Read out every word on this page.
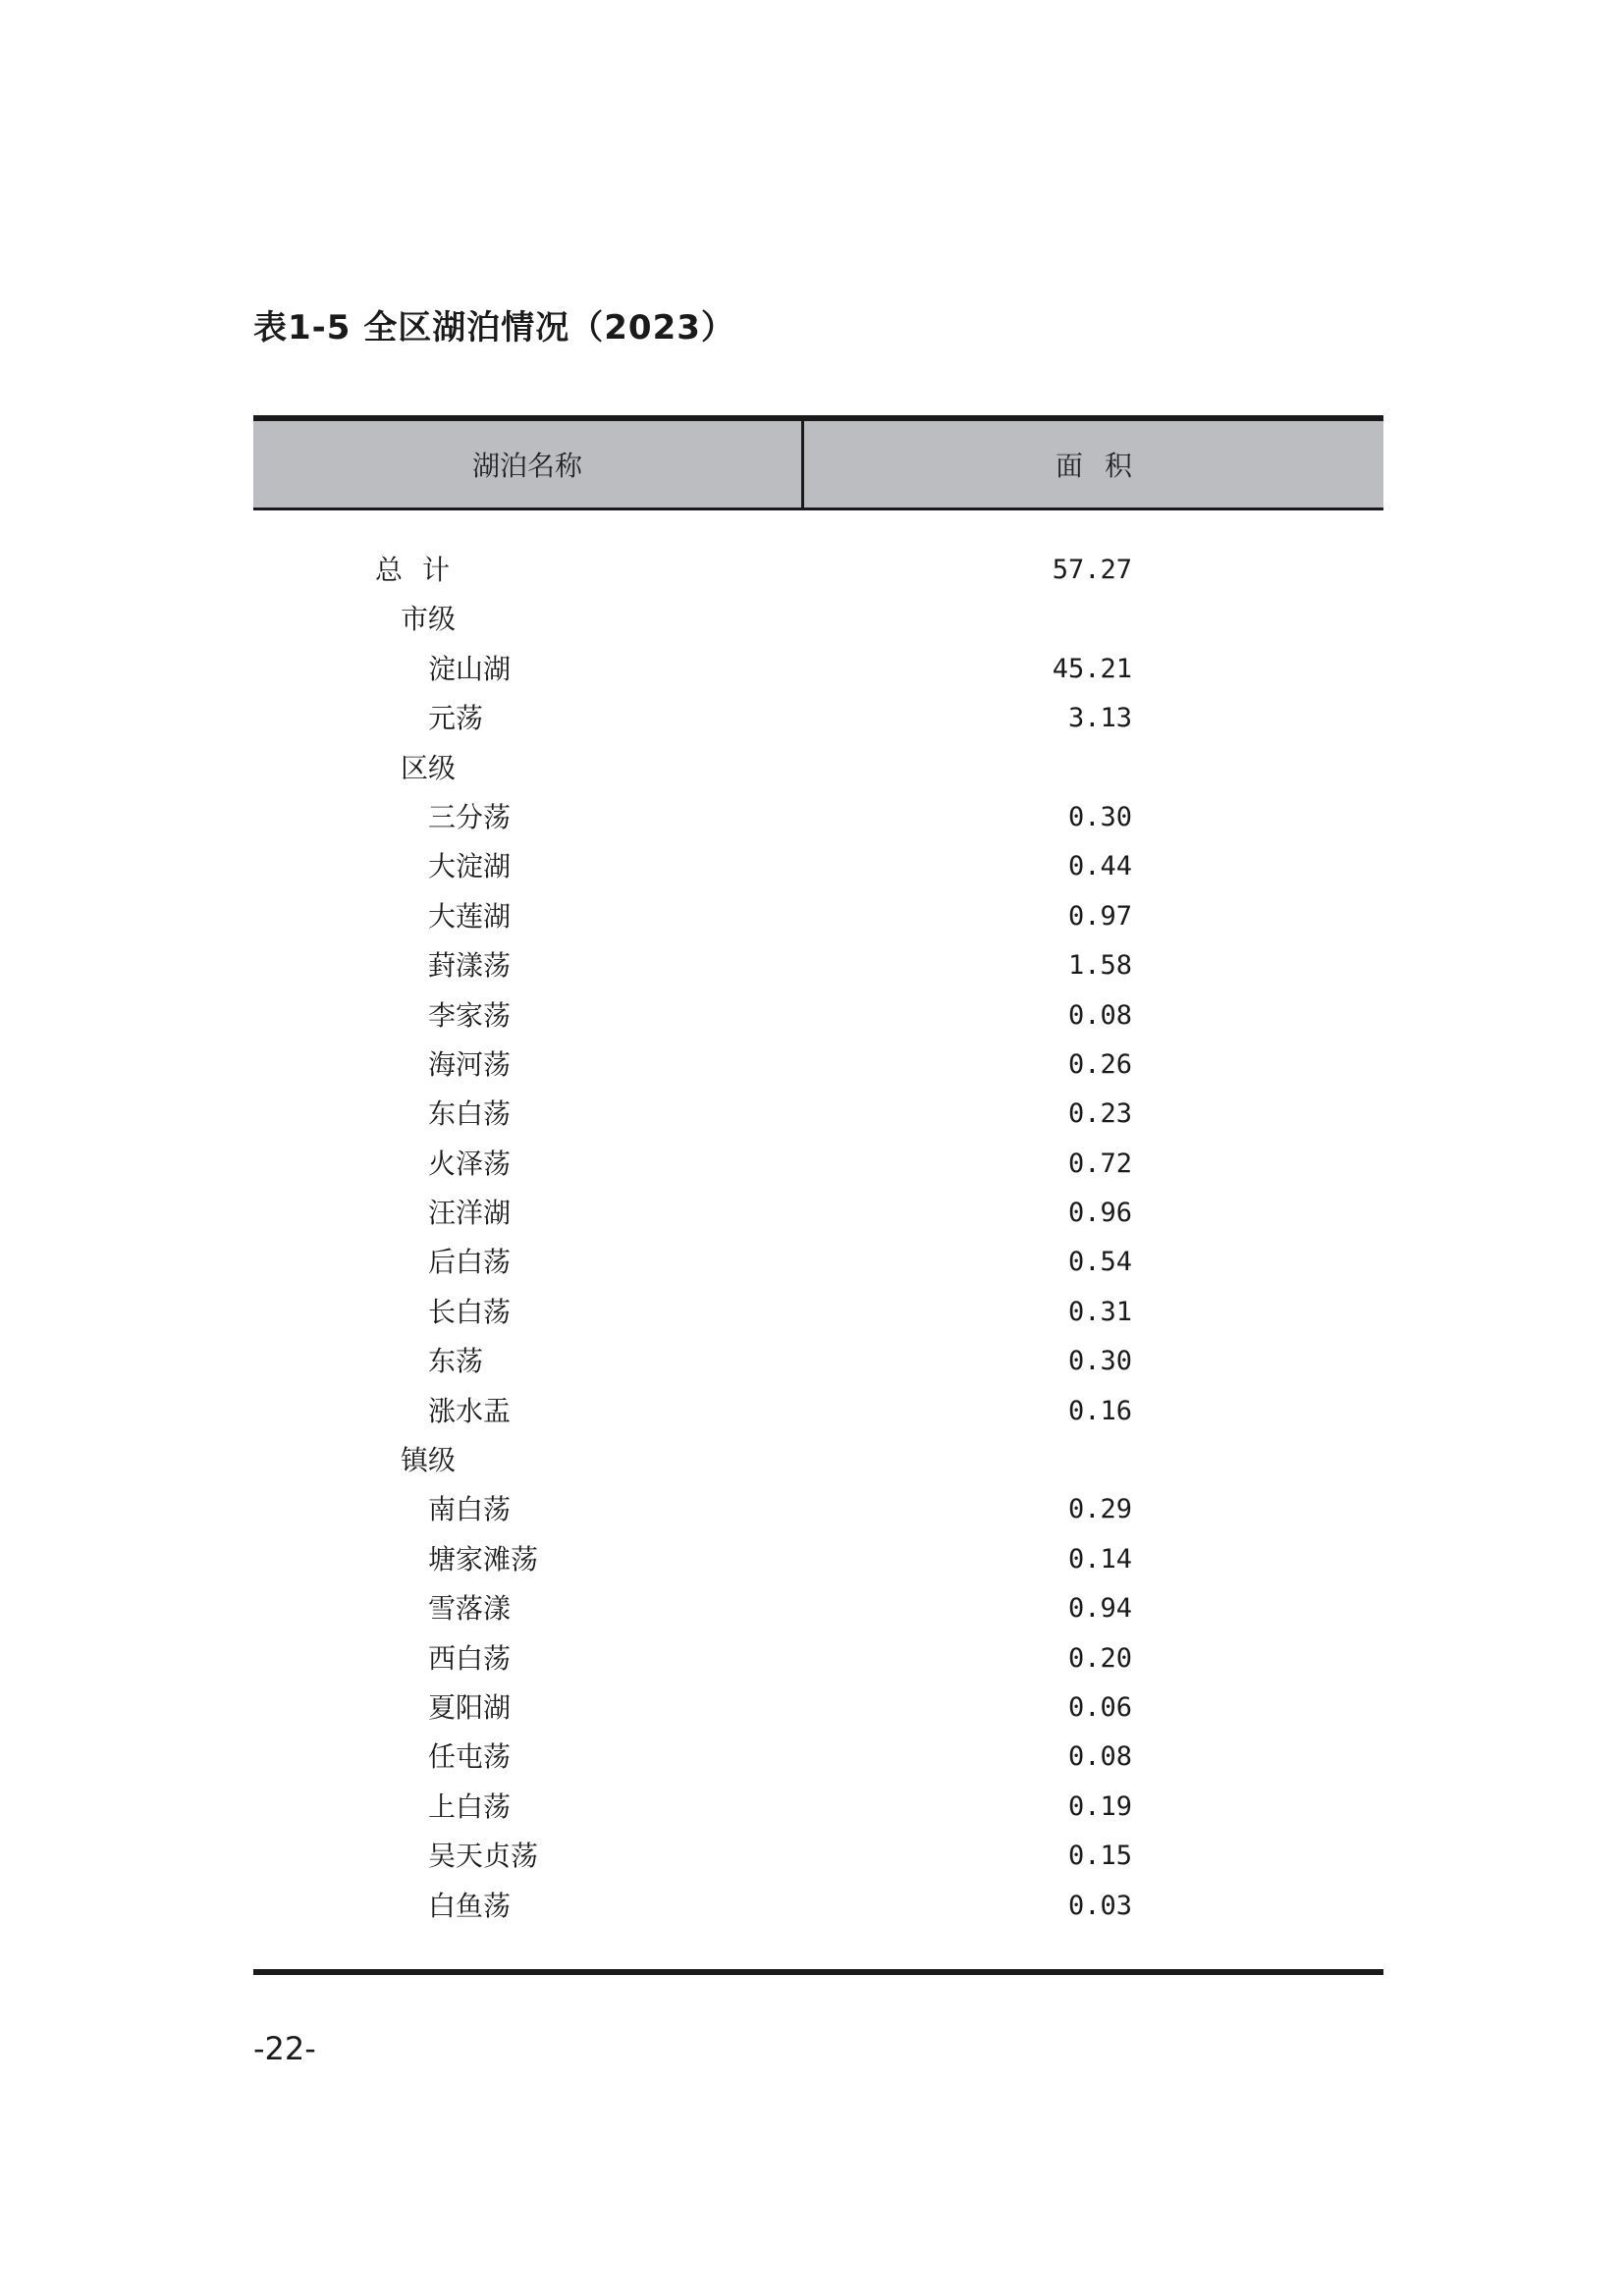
表1-5 全区湖泊情况（2023）
湖泊名称	面积
总计	57.27
市级
淀山湖	45.21
元荡	3.13
区级
三分荡	0.30
大淀湖	0.44
大莲湖	0.97
葑漾荡	1.58
李家荡	0.08
海河荡	0.26
东白荡	0.23
火泽荡	0.72
汪洋湖	0.96
后白荡	0.54
长白荡	0.31
东荡	0.30
涨水盂	0.16
镇级
南白荡	0.29
塘家滩荡	0.14
雪落漾	0.94
西白荡	0.20
夏阳湖	0.06
任屯荡	0.08
上白荡	0.19
吴天贞荡	0.15
白鱼荡	0.03
-22-
